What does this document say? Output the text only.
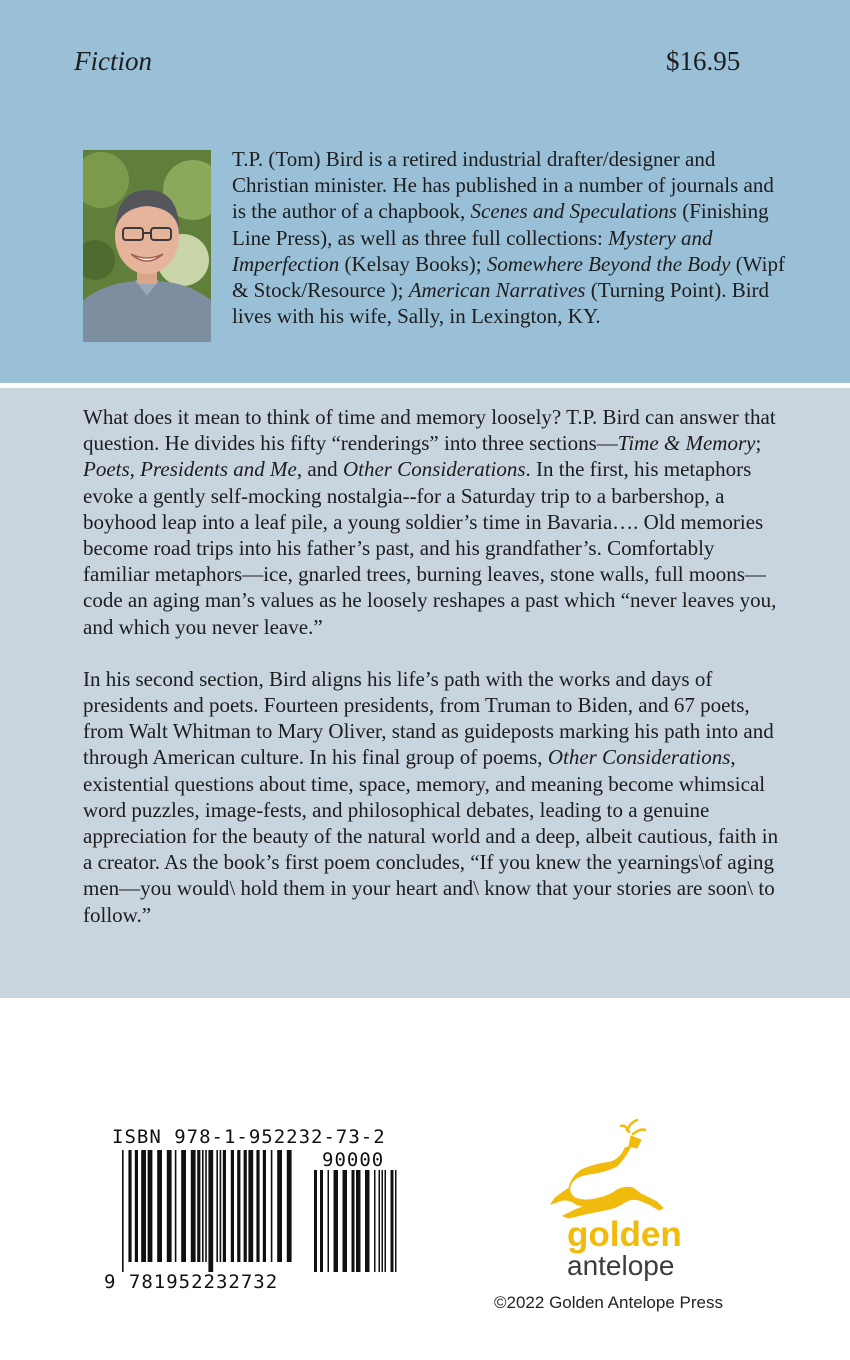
Fiction	$16.95
T.P. (Tom) Bird is a retired industrial drafter/designer and Christian minister. He has published in a number of journals and is the author of a chapbook, Scenes and Speculations (Finishing Line Press), as well as three full collections: Mystery and Imperfection (Kelsay Books); Somewhere Beyond the Body (Wipf & Stock/Resource ); American Narratives (Turning Point). Bird lives with his wife, Sally, in Lexington, KY.

What does it mean to think of time and memory loosely? T.P. Bird can answer that question. He divides his fifty “renderings” into three sections—Time & Memory; Poets, Presidents and Me, and Other Considerations. In the first, his metaphors evoke a gently self-mocking nostalgia--for a Saturday trip to a barbershop, a boyhood leap into a leaf pile, a young soldier’s time in Bavaria…. Old memories become road trips into his father’s past, and his grandfather’s. Comfortably familiar metaphors—ice, gnarled trees, burning leaves, stone walls, full moons—code an aging man’s values as he loosely reshapes a past which “never leaves you, and which you never leave.”

In his second section, Bird aligns his life’s path with the works and days of presidents and poets. Fourteen presidents, from Truman to Biden, and 67 poets, from Walt Whitman to Mary Oliver, stand as guideposts marking his path into and through American culture. In his final group of poems, Other Considerations, existential questions about time, space, memory, and meaning become whimsical word puzzles, image-fests, and philosophical debates, leading to a genuine appreciation for the beauty of the natural world and a deep, albeit cautious, faith in a creator. As the book’s first poem concludes, “If you knew the yearnings\of aging men—you would\ hold them in your heart and\ know that your stories are soon\ to follow.”

ISBN 978-1-952232-73-2
9 781952232732
90000
golden
antelope
©2022 Golden Antelope Press
